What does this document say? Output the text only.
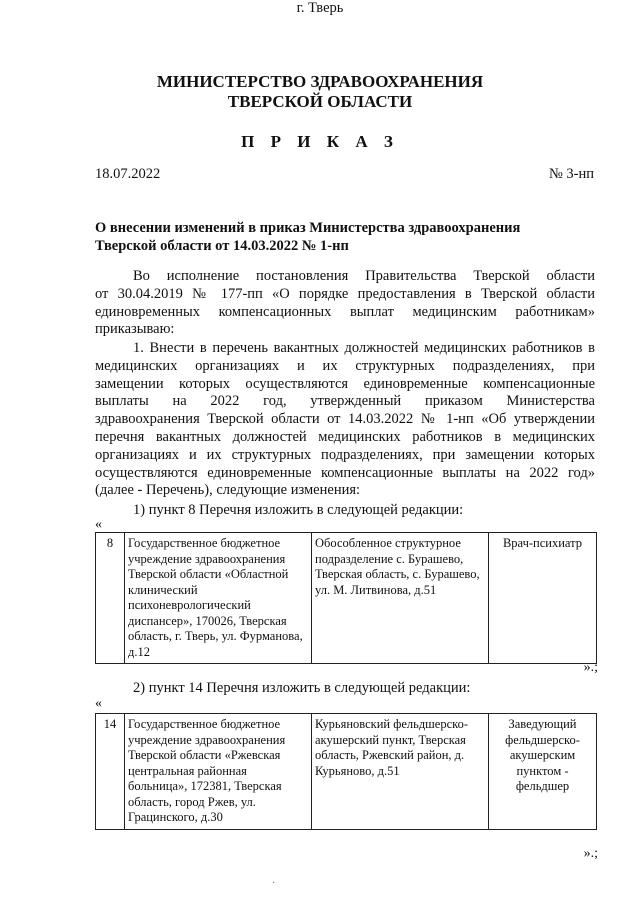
МИНИСТЕРСТВО ЗДРАВООХРАНЕНИЯ
ТВЕРСКОЙ ОБЛАСТИ
П Р И К А З
18.07.2022	№ 3-нп
г. Тверь
О внесении изменений в приказ Министерства здравоохранения
Тверской области от 14.03.2022 № 1-нп
Во исполнение постановления Правительства Тверской области
от 30.04.2019 № 177-пп «О порядке предоставления в Тверской области
единовременных компенсационных выплат медицинским работникам»
приказываю:
1. Внести в перечень вакантных должностей медицинских работников в
медицинских организациях и их структурных подразделениях, при
замещении которых осуществляются единовременные компенсационные
выплаты на 2022 год, утвержденный приказом Министерства
здравоохранения Тверской области от 14.03.2022 № 1-нп «Об утверждении
перечня вакантных должностей медицинских работников в медицинских
организациях и их структурных подразделениях, при замещении которых
осуществляются единовременные компенсационные выплаты на 2022 год»
(далее - Перечень), следующие изменения:
1) пункт 8 Перечня изложить в следующей редакции:
«
8	Государственное бюджетное учреждение здравоохранения Тверской области «Областной клинический психоневрологический диспансер», 170026, Тверская область, г. Тверь, ул. Фурманова, д.12	Обособленное структурное подразделение с. Бурашево, Тверская область, с. Бурашево, ул. М. Литвинова, д.51	Врач-психиатр
».;
2) пункт 14 Перечня изложить в следующей редакции:
«
14	Государственное бюджетное учреждение здравоохранения Тверской области «Ржевская центральная районная больница», 172381, Тверская область, город Ржев, ул. Грацинского, д.30	Курьяновский фельдшерско-акушерский пункт, Тверская область, Ржевский район, д. Курьяново, д.51	Заведующий фельдшерско-акушерским пунктом - фельдшер
».;
·
